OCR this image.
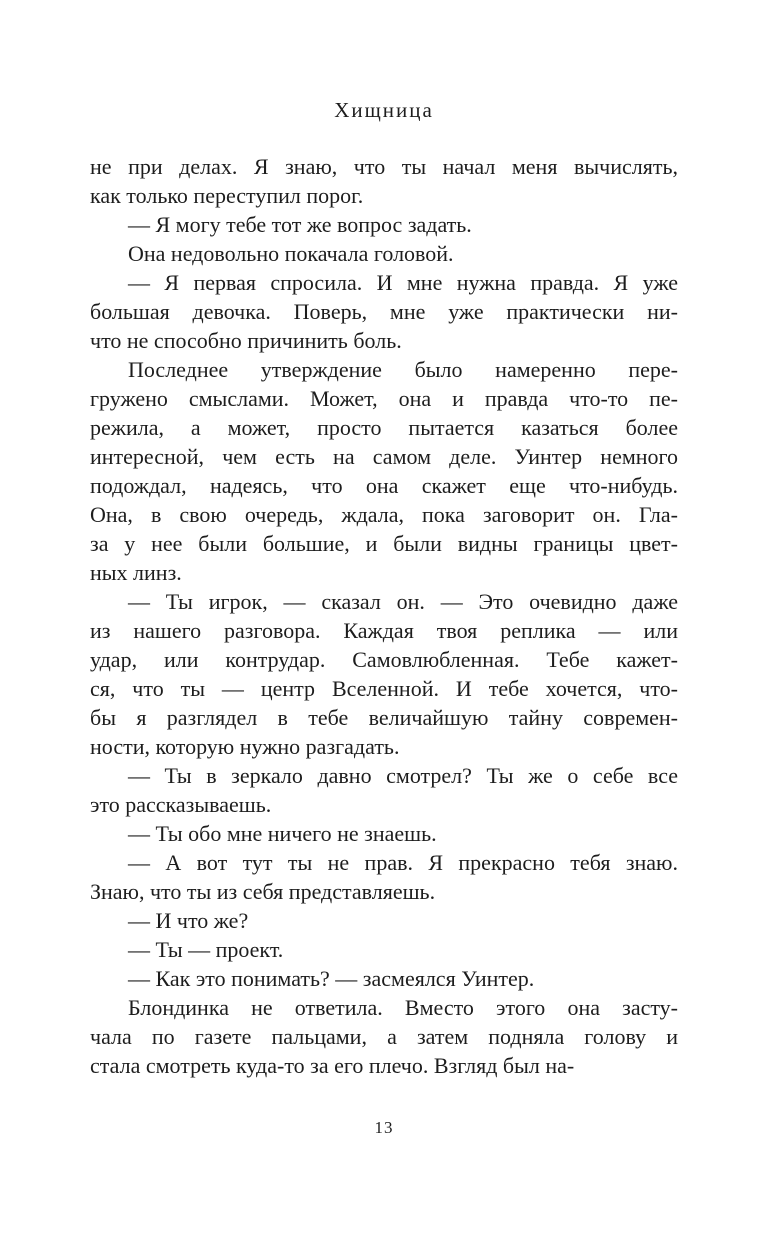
Хищница
не при делах. Я знаю, что ты начал меня вычислять,
как только переступил порог.
— Я могу тебе тот же вопрос задать.
Она недовольно покачала головой.
— Я первая спросила. И мне нужна правда. Я уже
большая девочка. Поверь, мне уже практически ни-
что не способно причинить боль.
Последнее утверждение было намеренно пере-
гружено смыслами. Может, она и правда что-то пе-
режила, а может, просто пытается казаться более
интересной, чем есть на самом деле. Уинтер немного
подождал, надеясь, что она скажет еще что-нибудь.
Она, в свою очередь, ждала, пока заговорит он. Гла-
за у нее были большие, и были видны границы цвет-
ных линз.
— Ты игрок, — сказал он. — Это очевидно даже
из нашего разговора. Каждая твоя реплика — или
удар, или контрудар. Самовлюбленная. Тебе кажет-
ся, что ты — центр Вселенной. И тебе хочется, что-
бы я разглядел в тебе величайшую тайну современ-
ности, которую нужно разгадать.
— Ты в зеркало давно смотрел? Ты же о себе все
это рассказываешь.
— Ты обо мне ничего не знаешь.
— А вот тут ты не прав. Я прекрасно тебя знаю.
Знаю, что ты из себя представляешь.
— И что же?
— Ты — проект.
— Как это понимать? — засмеялся Уинтер.
Блондинка не ответила. Вместо этого она засту-
чала по газете пальцами, а затем подняла голову и
стала смотреть куда-то за его плечо. Взгляд был на-
13
